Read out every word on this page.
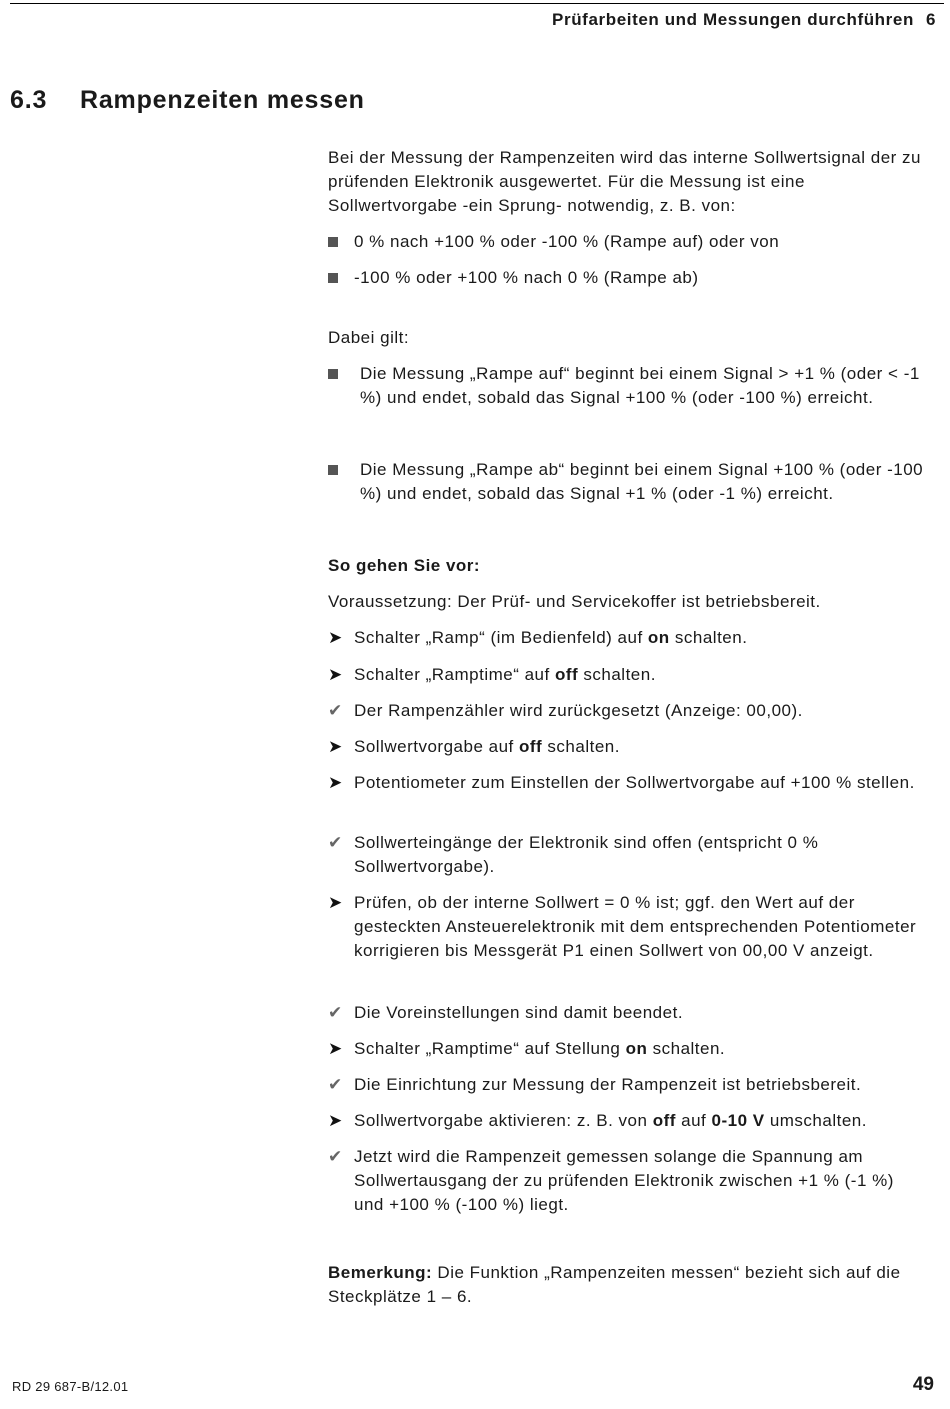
Prüfarbeiten und Messungen durchführen 6
6.3 Rampenzeiten messen

Bei der Messung der Rampenzeiten wird das interne Sollwertsignal der zu prüfenden Elektronik ausgewertet. Für die Messung ist eine Sollwertvorgabe -ein Sprung- notwendig, z. B. von:

0 % nach +100 % oder -100 % (Rampe auf) oder von
-100 % oder +100 % nach 0 % (Rampe ab)

Dabei gilt:

Die Messung „Rampe auf“ beginnt bei einem Signal > +1 % (oder < -1 %) und endet, sobald das Signal +100 % (oder -100 %) erreicht.
Die Messung „Rampe ab“ beginnt bei einem Signal +100 % (oder -100 %) und endet, sobald das Signal +1 % (oder -1 %) erreicht.

So gehen Sie vor:

Voraussetzung: Der Prüf- und Servicekoffer ist betriebsbereit.

➤ Schalter „Ramp“ (im Bedienfeld) auf on schalten.
➤ Schalter „Ramptime“ auf off schalten.
✔ Der Rampenzähler wird zurückgesetzt (Anzeige: 00,00).
➤ Sollwertvorgabe auf off schalten.
➤ Potentiometer zum Einstellen der Sollwertvorgabe auf +100 % stellen.
✔ Sollwerteingänge der Elektronik sind offen (entspricht 0 % Sollwertvorgabe).
➤ Prüfen, ob der interne Sollwert = 0 % ist; ggf. den Wert auf der gesteckten Ansteuerelektronik mit dem entsprechenden Potentiometer korrigieren bis Messgerät P1 einen Sollwert von 00,00 V anzeigt.
✔ Die Voreinstellungen sind damit beendet.
➤ Schalter „Ramptime“ auf Stellung on schalten.
✔ Die Einrichtung zur Messung der Rampenzeit ist betriebsbereit.
➤ Sollwertvorgabe aktivieren: z. B. von off auf 0-10 V umschalten.
✔ Jetzt wird die Rampenzeit gemessen solange die Spannung am Sollwertausgang der zu prüfenden Elektronik zwischen +1 % (-1 %) und +100 % (-100 %) liegt.

Bemerkung: Die Funktion „Rampenzeiten messen“ bezieht sich auf die Steckplätze 1 – 6.

RD 29 687-B/12.01	49
